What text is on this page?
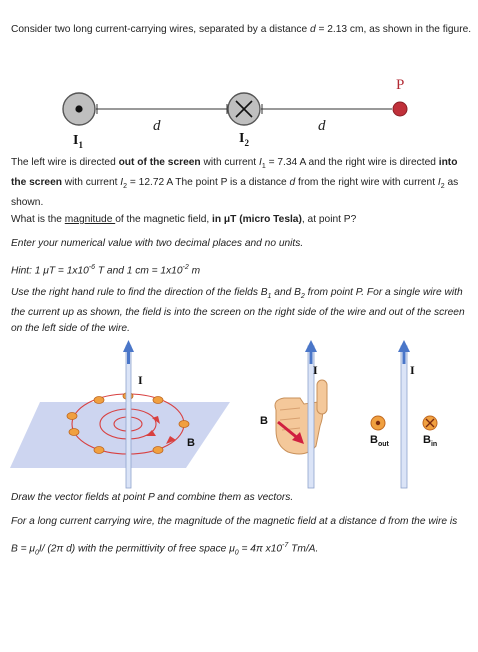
Consider two long current-carrying wires, separated by a distance d = 2.13 cm, as shown in the figure.

P
d	d
$I_1$	$I_2$

The left wire is directed out of the screen with current $I_1 = 7.34$ A and the right wire is directed into the screen with current $I_2 = 12.72$ A The point P is a distance d from the right wire with current $I_2$ as shown.

What is the magnitude of the magnetic field, in μT (micro Tesla), at point P?

Enter your numerical value with two decimal places and no units.

Hint: 1 $\mu T = 1x10^{-6}$ T and 1 cm = $1x10^{-2}$ m

Use the right hand rule to find the direction of the fields $B_1$ and $B_2$ from point P. For a single wire with the current up as shown, the field is into the screen on the right side of the wire and out of the screen on the left side of the wire.

I
B
I
B
I
$B_{out}$	$B_{in}$

Draw the vector fields at point P and combine them as vectors.

For a long current carrying wire, the magnitude of the magnetic field at a distance d from the wire is

$B = \mu_0I/$ (2π d) with the permittivity of free space $\mu_0 = 4\pi$ $x10^{-7}$ Tm/A.
